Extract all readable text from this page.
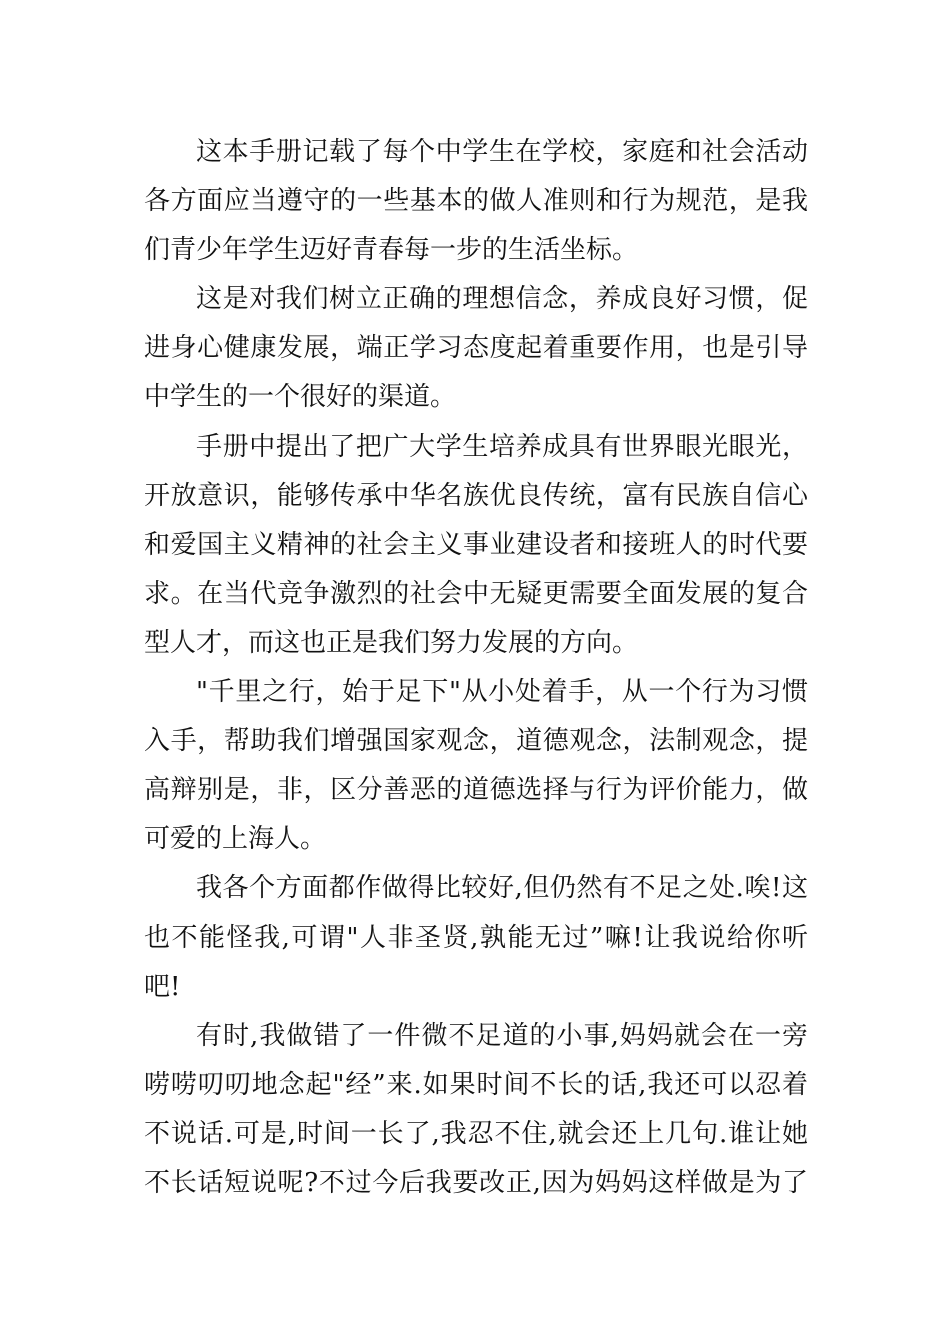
这本手册记载了每个中学生在学校，家庭和社会活动
各方面应当遵守的一些基本的做人准则和行为规范，是我
们青少年学生迈好青春每一步的生活坐标。
这是对我们树立正确的理想信念，养成良好习惯，促
进身心健康发展，端正学习态度起着重要作用，也是引导
中学生的一个很好的渠道。
手册中提出了把广大学生培养成具有世界眼光眼光，
开放意识，能够传承中华名族优良传统，富有民族自信心
和爱国主义精神的社会主义事业建设者和接班人的时代要
求。在当代竞争激烈的社会中无疑更需要全面发展的复合
型人才，而这也正是我们努力发展的方向。
"千里之行，始于足下"从小处着手，从一个行为习惯
入手，帮助我们增强国家观念，道德观念，法制观念，提
高辩别是，非，区分善恶的道德选择与行为评价能力，做
可爱的上海人。
我各个方面都作做得比较好,但仍然有不足之处.唉!这
也不能怪我,可谓"人非圣贤,孰能无过”嘛!让我说给你听
吧!
有时,我做错了一件微不足道的小事,妈妈就会在一旁
唠唠叨叨地念起"经”来.如果时间不长的话,我还可以忍着
不说话.可是,时间一长了,我忍不住,就会还上几句.谁让她
不长话短说呢?不过今后我要改正,因为妈妈这样做是为了
